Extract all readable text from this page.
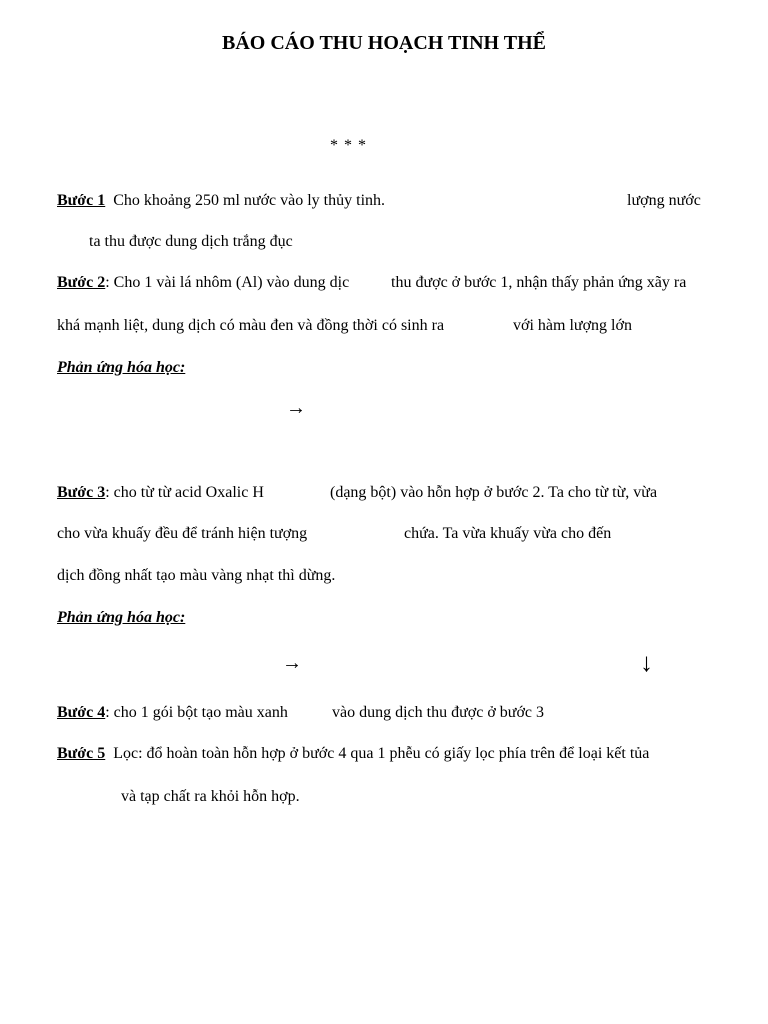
BÁO CÁO THU HOẠCH TINH THỂ
* * *
Bước 1 Cho khoảng 250 ml nước vào ly thủy tinh.	lượng nước
ta thu được dung dịch trắng đục
Bước 2: Cho 1 vài lá nhôm (Al) vào dung dịc	thu được ở bước 1, nhận thấy phản ứng xãy ra
khá mạnh liệt, dung dịch có màu đen và đồng thời có sinh ra	với hàm lượng lớn
Phản ứng hóa học:
→
Bước 3: cho từ từ acid Oxalic H	(dạng bột) vào hỗn hợp ở bước 2. Ta cho từ từ, vừa
cho vừa khuấy đều để tránh hiện tượng	chứa. Ta vừa khuấy vừa cho đến
dịch đồng nhất tạo màu vàng nhạt thì dừng.
Phản ứng hóa học:
→	↓
Bước 4: cho 1 gói bột tạo màu xanh	vào dung dịch thu được ở bước 3
Bước 5 Lọc: đổ hoàn toàn hỗn hợp ở bước 4 qua 1 phễu có giấy lọc phía trên để loại kết tủa
và tạp chất ra khỏi hỗn hợp.
